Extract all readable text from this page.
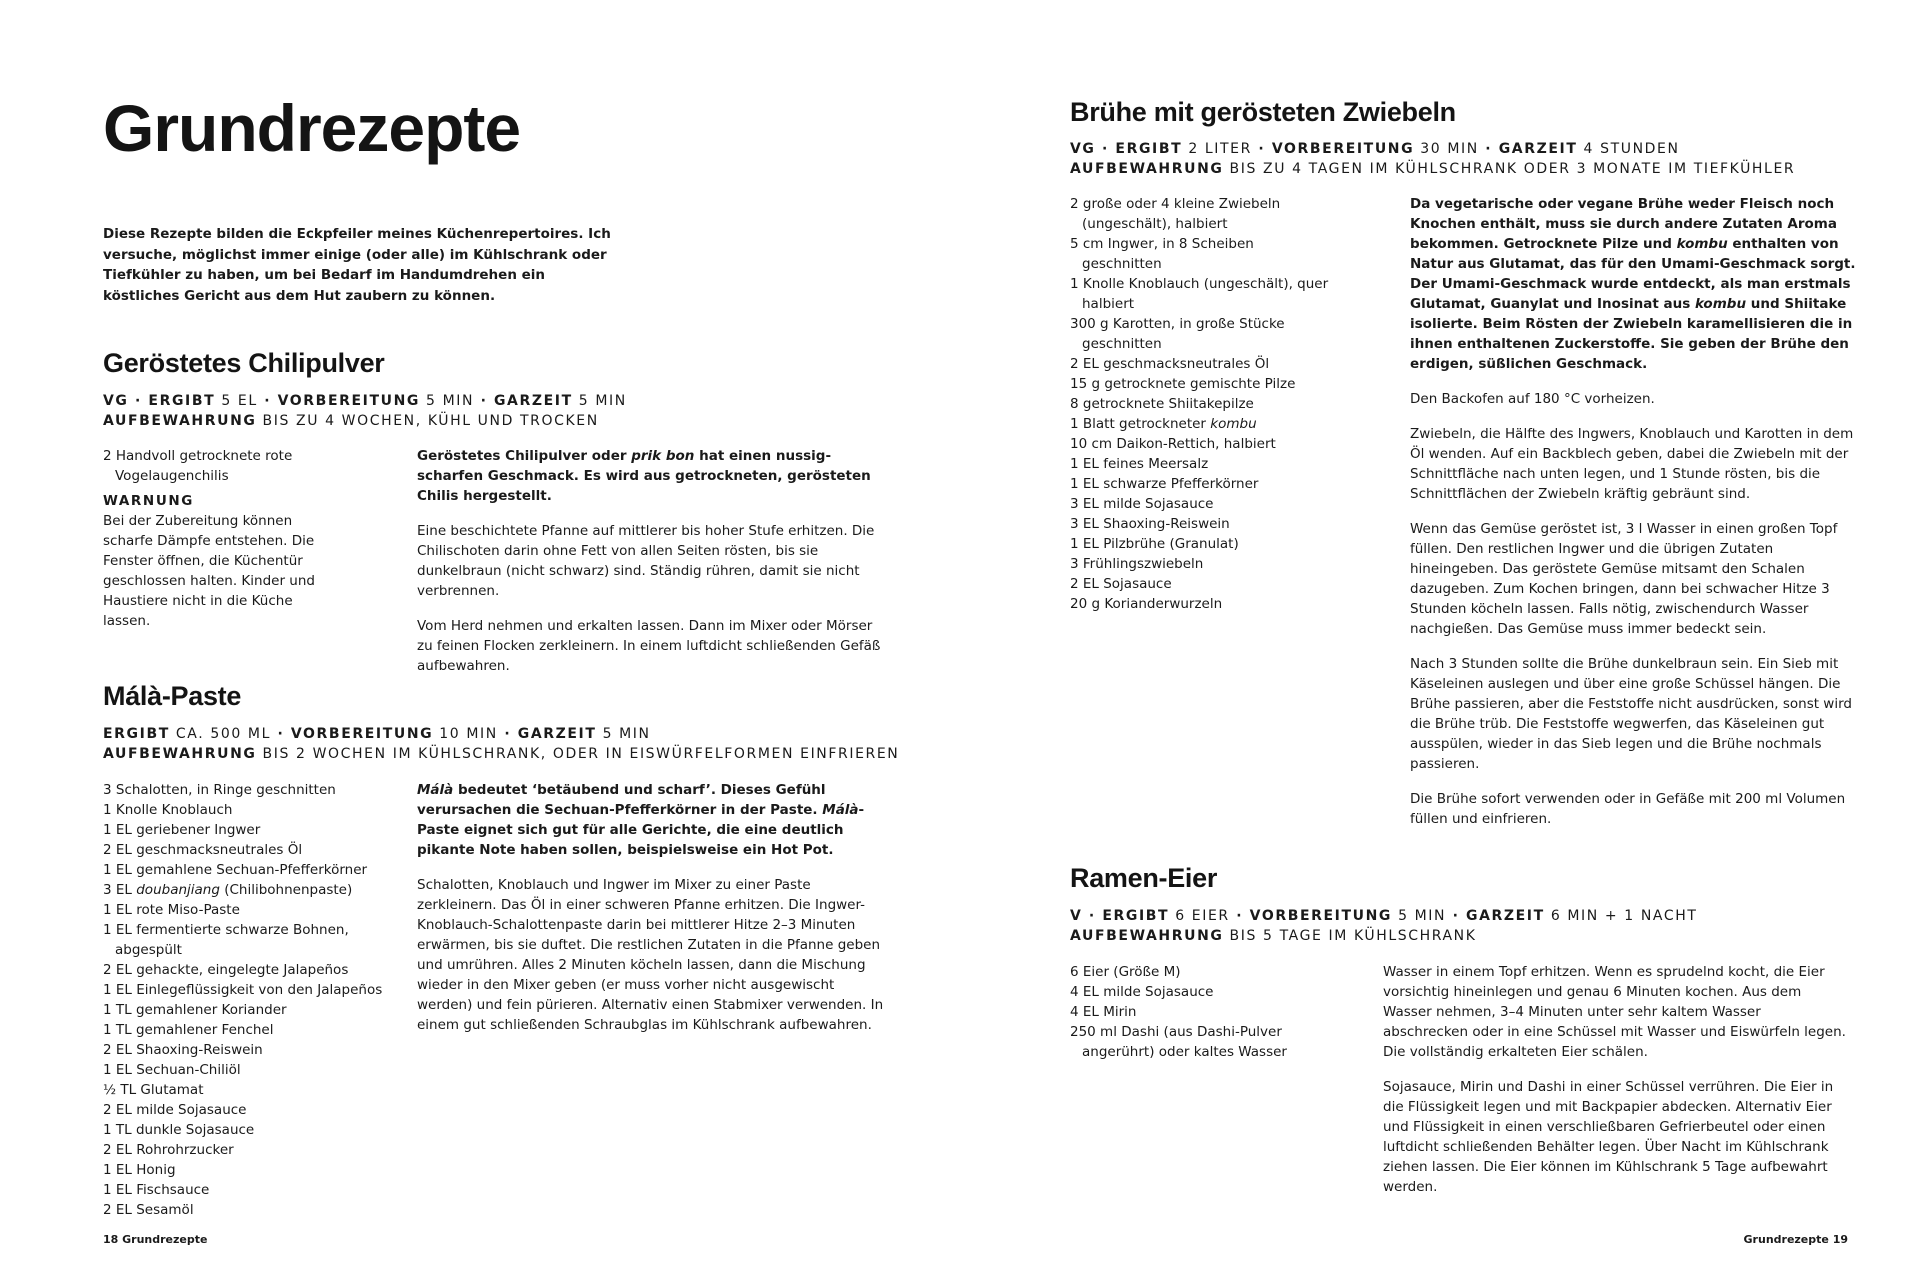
Grundrezepte

Diese Rezepte bilden die Eckpfeiler meines Küchenrepertoires. Ich versuche, möglichst immer einige (oder alle) im Kühlschrank oder Tiefkühler zu haben, um bei Bedarf im Handumdrehen ein köstliches Gericht aus dem Hut zaubern zu können.

Geröstetes Chilipulver
VG · ERGIBT 5 EL · VORBEREITUNG 5 MIN · GARZEIT 5 MIN
AUFBEWAHRUNG BIS ZU 4 WOCHEN, KÜHL UND TROCKEN
2 Handvoll getrocknete rote Vogelaugenchilis
WARNUNG
Bei der Zubereitung können scharfe Dämpfe entstehen. Die Fenster öffnen, die Küchentür geschlossen halten. Kinder und Haustiere nicht in die Küche lassen.

Geröstetes Chilipulver oder prik bon hat einen nussig-scharfen Geschmack. Es wird aus getrockneten, gerösteten Chilis hergestellt.

Eine beschichtete Pfanne auf mittlerer bis hoher Stufe erhitzen. Die Chilischoten darin ohne Fett von allen Seiten rösten, bis sie dunkelbraun (nicht schwarz) sind. Ständig rühren, damit sie nicht verbrennen.

Vom Herd nehmen und erkalten lassen. Dann im Mixer oder Mörser zu feinen Flocken zerkleinern. In einem luftdicht schließenden Gefäß aufbewahren.

Málà-Paste
ERGIBT CA. 500 ML · VORBEREITUNG 10 MIN · GARZEIT 5 MIN
AUFBEWAHRUNG BIS 2 WOCHEN IM KÜHLSCHRANK, ODER IN EISWÜRFELFORMEN EINFRIEREN
3 Schalotten, in Ringe geschnitten
1 Knolle Knoblauch
1 EL geriebener Ingwer
2 EL geschmacksneutrales Öl
1 EL gemahlene Sechuan-Pfefferkörner
3 EL doubanjiang (Chilibohnenpaste)
1 EL rote Miso-Paste
1 EL fermentierte schwarze Bohnen, abgespült
2 EL gehackte, eingelegte Jalapeños
1 EL Einlegeflüssigkeit von den Jalapeños
1 TL gemahlener Koriander
1 TL gemahlener Fenchel
2 EL Shaoxing-Reiswein
1 EL Sechuan-Chiliöl
½ TL Glutamat
2 EL milde Sojasauce
1 TL dunkle Sojasauce
2 EL Rohrohrzucker
1 EL Honig
1 EL Fischsauce
2 EL Sesamöl

Málà bedeutet ‘betäubend und scharf’. Dieses Gefühl verursachen die Sechuan-Pfefferkörner in der Paste. Málà-Paste eignet sich gut für alle Gerichte, die eine deutlich pikante Note haben sollen, beispielsweise ein Hot Pot.

Schalotten, Knoblauch und Ingwer im Mixer zu einer Paste zerkleinern. Das Öl in einer schweren Pfanne erhitzen. Die Ingwer-Knoblauch-Schalottenpaste darin bei mittlerer Hitze 2–3 Minuten erwärmen, bis sie duftet. Die restlichen Zutaten in die Pfanne geben und umrühren. Alles 2 Minuten köcheln lassen, dann die Mischung wieder in den Mixer geben (er muss vorher nicht ausgewischt werden) und fein pürieren. Alternativ einen Stabmixer verwenden. In einem gut schließenden Schraubglas im Kühlschrank aufbewahren.

18 Grundrezepte
Brühe mit gerösteten Zwiebeln
VG · ERGIBT 2 LITER · VORBEREITUNG 30 MIN · GARZEIT 4 STUNDEN
AUFBEWAHRUNG BIS ZU 4 TAGEN IM KÜHLSCHRANK ODER 3 MONATE IM TIEFKÜHLER
2 große oder 4 kleine Zwiebeln (ungeschält), halbiert
5 cm Ingwer, in 8 Scheiben geschnitten
1 Knolle Knoblauch (ungeschält), quer halbiert
300 g Karotten, in große Stücke geschnitten
2 EL geschmacksneutrales Öl
15 g getrocknete gemischte Pilze
8 getrocknete Shiitakepilze
1 Blatt getrockneter kombu
10 cm Daikon-Rettich, halbiert
1 EL feines Meersalz
1 EL schwarze Pfefferkörner
3 EL milde Sojasauce
3 EL Shaoxing-Reiswein
1 EL Pilzbrühe (Granulat)
3 Frühlingszwiebeln
2 EL Sojasauce
20 g Korianderwurzeln

Da vegetarische oder vegane Brühe weder Fleisch noch Knochen enthält, muss sie durch andere Zutaten Aroma bekommen. Getrocknete Pilze und kombu enthalten von Natur aus Glutamat, das für den Umami-Geschmack sorgt. Der Umami-Geschmack wurde entdeckt, als man erstmals Glutamat, Guanylat und Inosinat aus kombu und Shiitake isolierte. Beim Rösten der Zwiebeln karamellisieren die in ihnen enthaltenen Zuckerstoffe. Sie geben der Brühe den erdigen, süßlichen Geschmack.

Den Backofen auf 180 °C vorheizen.

Zwiebeln, die Hälfte des Ingwers, Knoblauch und Karotten in dem Öl wenden. Auf ein Backblech geben, dabei die Zwiebeln mit der Schnittfläche nach unten legen, und 1 Stunde rösten, bis die Schnittflächen der Zwiebeln kräftig gebräunt sind.

Wenn das Gemüse geröstet ist, 3 l Wasser in einen großen Topf füllen. Den restlichen Ingwer und die übrigen Zutaten hineingeben. Das geröstete Gemüse mitsamt den Schalen dazugeben. Zum Kochen bringen, dann bei schwacher Hitze 3 Stunden köcheln lassen. Falls nötig, zwischendurch Wasser nachgießen. Das Gemüse muss immer bedeckt sein.

Nach 3 Stunden sollte die Brühe dunkelbraun sein. Ein Sieb mit Käseleinen auslegen und über eine große Schüssel hängen. Die Brühe passieren, aber die Feststoffe nicht ausdrücken, sonst wird die Brühe trüb. Die Feststoffe wegwerfen, das Käseleinen gut ausspülen, wieder in das Sieb legen und die Brühe nochmals passieren.

Die Brühe sofort verwenden oder in Gefäße mit 200 ml Volumen füllen und einfrieren.

Ramen-Eier
V · ERGIBT 6 EIER · VORBEREITUNG 5 MIN · GARZEIT 6 MIN + 1 NACHT
AUFBEWAHRUNG BIS 5 TAGE IM KÜHLSCHRANK
6 Eier (Größe M)
4 EL milde Sojasauce
4 EL Mirin
250 ml Dashi (aus Dashi-Pulver angerührt) oder kaltes Wasser

Wasser in einem Topf erhitzen. Wenn es sprudelnd kocht, die Eier vorsichtig hineinlegen und genau 6 Minuten kochen. Aus dem Wasser nehmen, 3–4 Minuten unter sehr kaltem Wasser abschrecken oder in eine Schüssel mit Wasser und Eiswürfeln legen. Die vollständig erkalteten Eier schälen.

Sojasauce, Mirin und Dashi in einer Schüssel verrühren. Die Eier in die Flüssigkeit legen und mit Backpapier abdecken. Alternativ Eier und Flüssigkeit in einen verschließbaren Gefrierbeutel oder einen luftdicht schließenden Behälter legen. Über Nacht im Kühlschrank ziehen lassen. Die Eier können im Kühlschrank 5 Tage aufbewahrt werden.

Grundrezepte 19
